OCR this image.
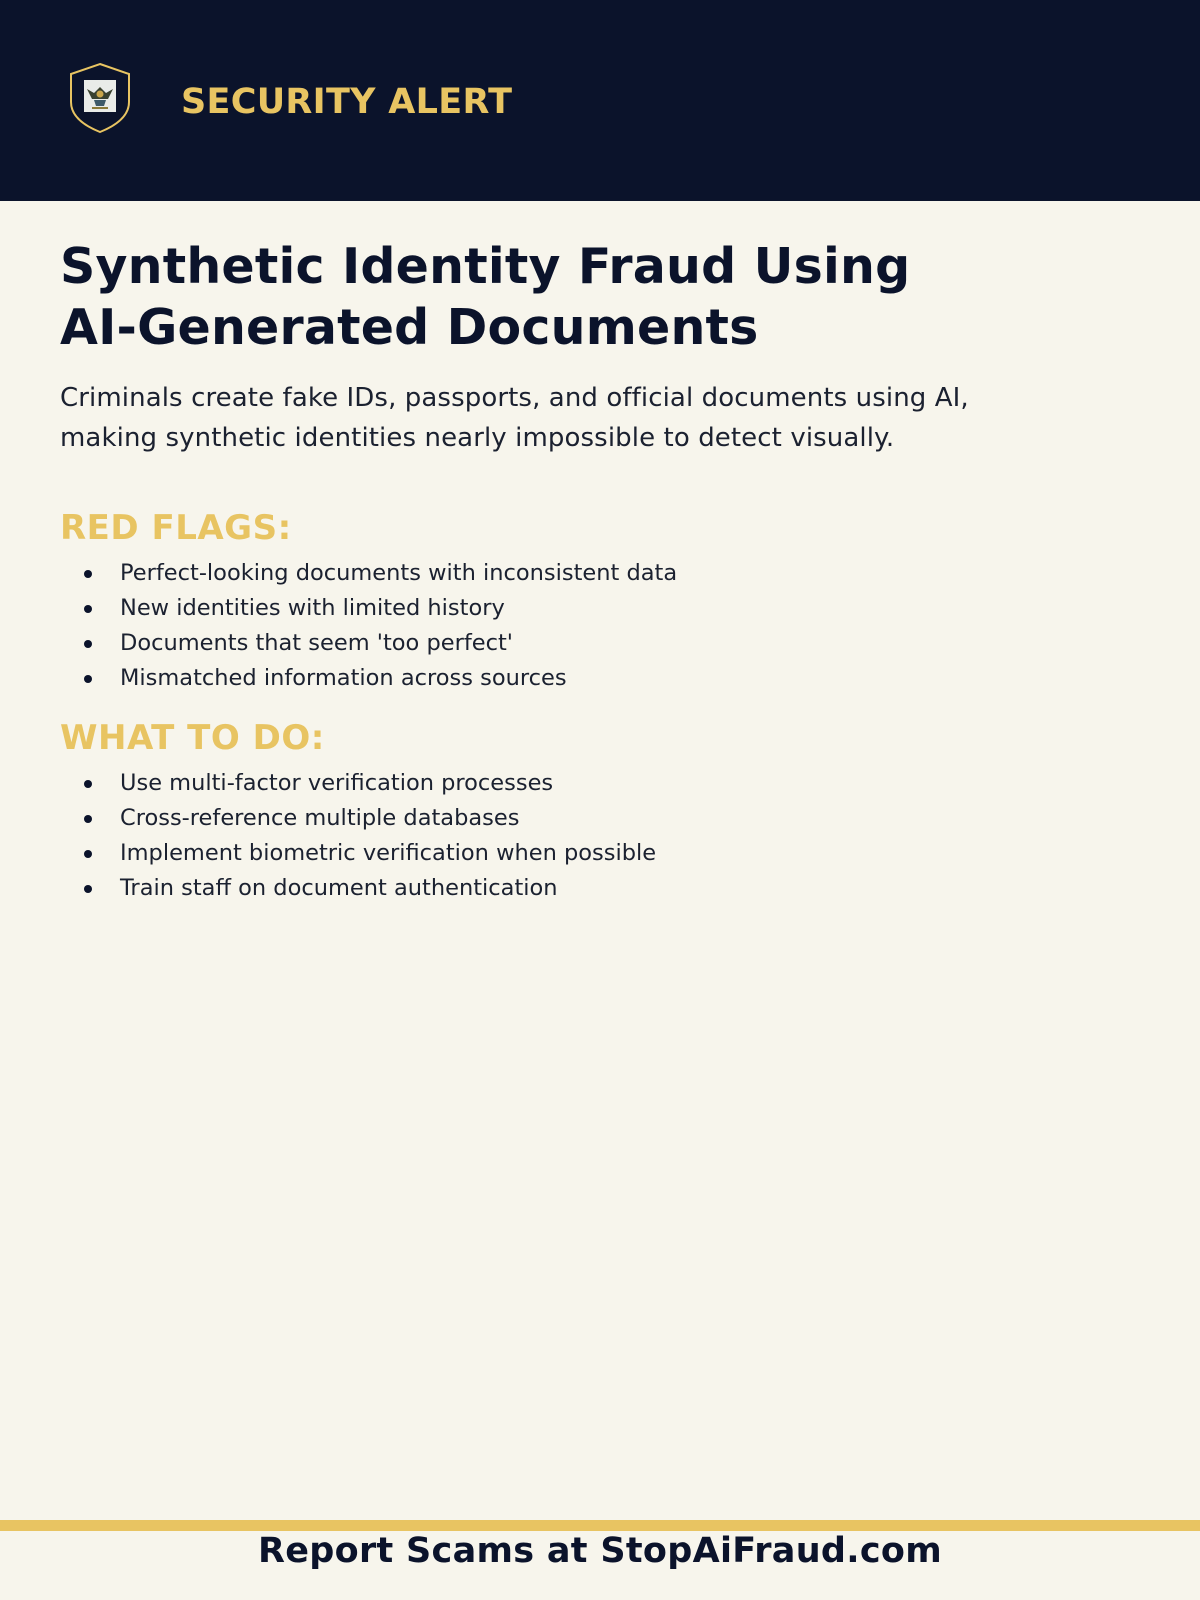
SECURITY ALERT
Synthetic Identity Fraud Using
AI-Generated Documents

Criminals create fake IDs, passports, and official documents using AI,
making synthetic identities nearly impossible to detect visually.

RED FLAGS:
Perfect-looking documents with inconsistent data
New identities with limited history
Documents that seem 'too perfect'
Mismatched information across sources
WHAT TO DO:
Use multi-factor verification processes
Cross-reference multiple databases
Implement biometric verification when possible
Train staff on document authentication
Report Scams at StopAiFraud.com
